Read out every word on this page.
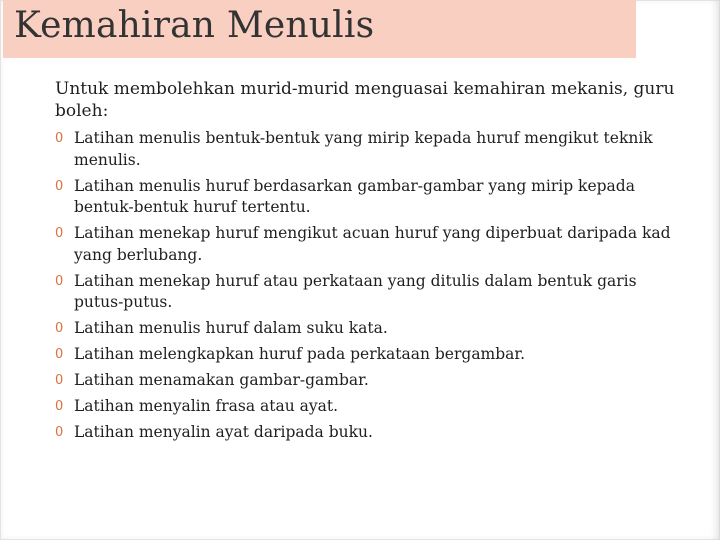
Kemahiran Menulis

Untuk membolehkan murid-murid menguasai kemahiran mekanis, guru boleh:

0 Latihan menulis bentuk-bentuk yang mirip kepada huruf mengikut teknik menulis.
0 Latihan menulis huruf berdasarkan gambar-gambar yang mirip kepada bentuk-bentuk huruf tertentu.
0 Latihan menekap huruf mengikut acuan huruf yang diperbuat daripada kad yang berlubang.
0 Latihan menekap huruf atau perkataan yang ditulis dalam bentuk garis putus-putus.
0 Latihan menulis huruf dalam suku kata.
0 Latihan melengkapkan huruf pada perkataan bergambar.
0 Latihan menamakan gambar-gambar.
0 Latihan menyalin frasa atau ayat.
0 Latihan menyalin ayat daripada buku.
